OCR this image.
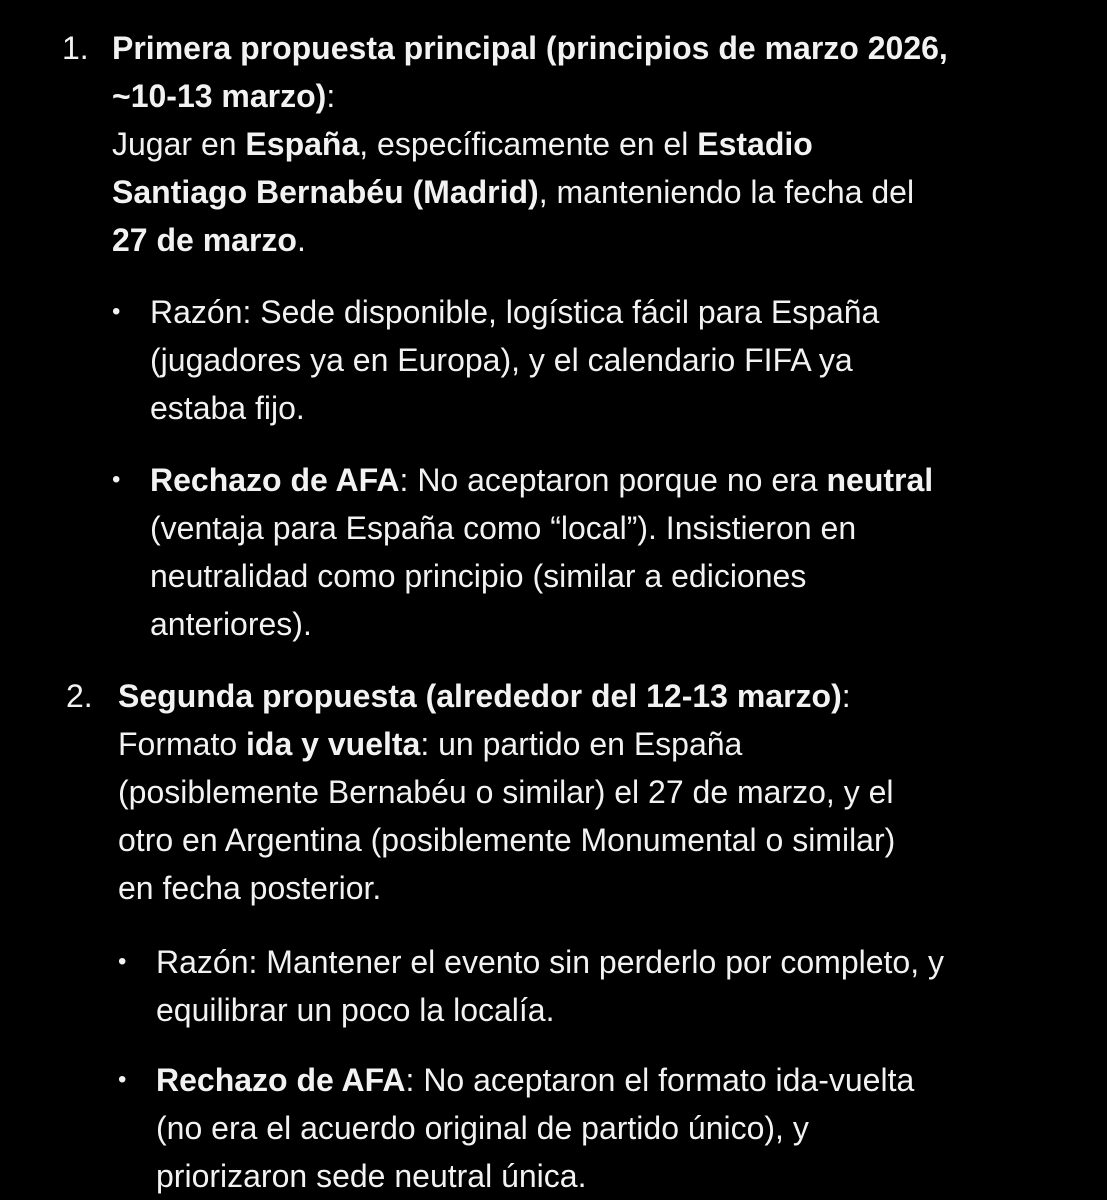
1. Primera propuesta principal (principios de marzo 2026,
~10-13 marzo):
Jugar en España, específicamente en el Estadio
Santiago Bernabéu (Madrid), manteniendo la fecha del
27 de marzo.
• Razón: Sede disponible, logística fácil para España
(jugadores ya en Europa), y el calendario FIFA ya
estaba fijo.
• Rechazo de AFA: No aceptaron porque no era neutral
(ventaja para España como “local”). Insistieron en
neutralidad como principio (similar a ediciones
anteriores).
2. Segunda propuesta (alrededor del 12-13 marzo):
Formato ida y vuelta: un partido en España
(posiblemente Bernabéu o similar) el 27 de marzo, y el
otro en Argentina (posiblemente Monumental o similar)
en fecha posterior.
• Razón: Mantener el evento sin perderlo por completo, y
equilibrar un poco la localía.
• Rechazo de AFA: No aceptaron el formato ida-vuelta
(no era el acuerdo original de partido único), y
priorizaron sede neutral única.
